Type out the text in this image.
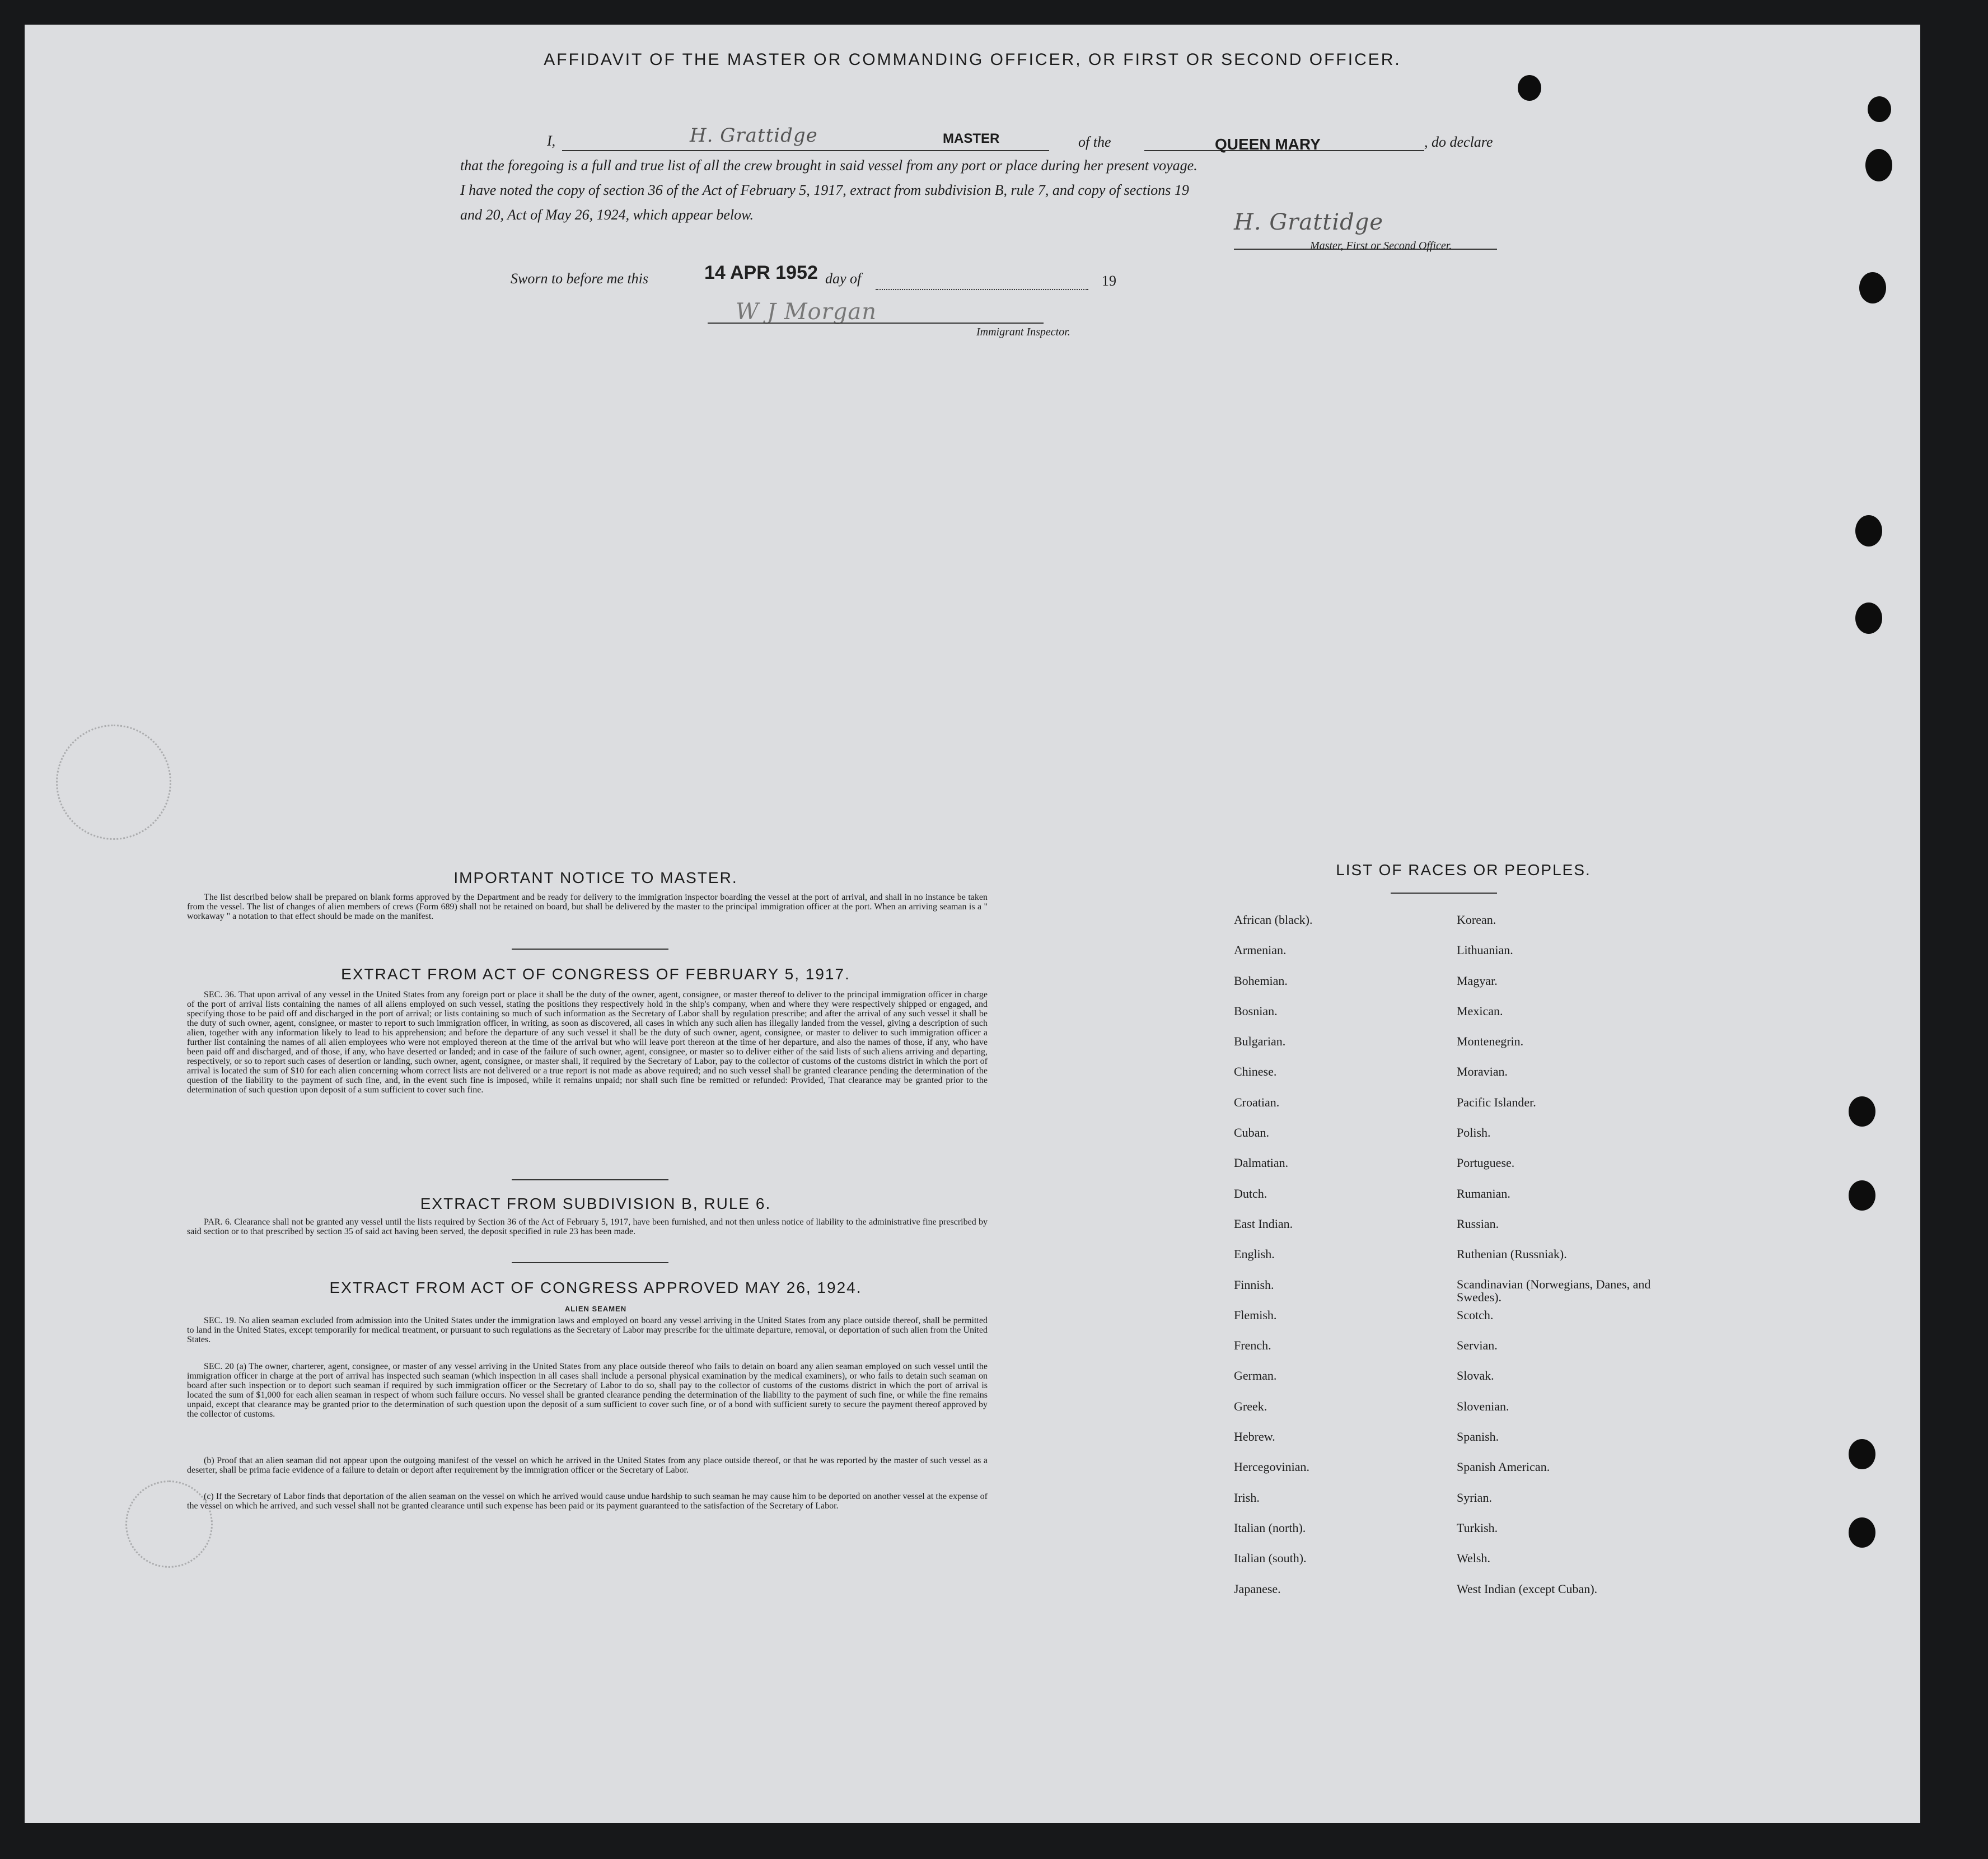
AFFIDAVIT OF THE MASTER OR COMMANDING OFFICER, OR FIRST OR SECOND OFFICER.
I,	H. Grattidge	MASTER	of the	QUEEN MARY	, do declare
that the foregoing is a full and true list of all the crew brought in said vessel from any port or place during her present voyage.
I have noted the copy of section 36 of the Act of February 5, 1917, extract from subdivision B, rule 7, and copy of sections 19
and 20, Act of May 26, 1924, which appear below.	H. Grattidge
Master, First or Second Officer.
Sworn to before me this	14 APR 1952 day of	19
W J Morgan
Immigrant Inspector.
IMPORTANT NOTICE TO MASTER.
The list described below shall be prepared on blank forms approved by the Department and be ready for delivery to the immigration inspector boarding the vessel at the port of arrival, and shall in no instance be taken from the vessel. The list of changes of alien members of crews (Form 689) shall not be retained on board, but shall be delivered by the master to the principal immigration officer at the port. When an arriving seaman is a " workaway " a notation to that effect should be made on the manifest.
EXTRACT FROM ACT OF CONGRESS OF FEBRUARY 5, 1917.
SEC. 36. That upon arrival of any vessel in the United States from any foreign port or place it shall be the duty of the owner, agent, consignee, or master thereof to deliver to the principal immigration officer in charge of the port of arrival lists containing the names of all aliens employed on such vessel, stating the positions they respectively hold in the ship's company, when and where they were respectively shipped or engaged, and specifying those to be paid off and discharged in the port of arrival; or lists containing so much of such information as the Secretary of Labor shall by regulation prescribe; and after the arrival of any such vessel it shall be the duty of such owner, agent, consignee, or master to report to such immigration officer, in writing, as soon as discovered, all cases in which any such alien has illegally landed from the vessel, giving a description of such alien, together with any information likely to lead to his apprehension; and before the departure of any such vessel it shall be the duty of such owner, agent, consignee, or master to deliver to such immigration officer a further list containing the names of all alien employees who were not employed thereon at the time of the arrival but who will leave port thereon at the time of her departure, and also the names of those, if any, who have been paid off and discharged, and of those, if any, who have deserted or landed; and in case of the failure of such owner, agent, consignee, or master so to deliver either of the said lists of such aliens arriving and departing, respectively, or so to report such cases of desertion or landing, such owner, agent, consignee, or master shall, if required by the Secretary of Labor, pay to the collector of customs of the customs district in which the port of arrival is located the sum of $10 for each alien concerning whom correct lists are not delivered or a true report is not made as above required; and no such vessel shall be granted clearance pending the determination of the question of the liability to the payment of such fine, and, in the event such fine is imposed, while it remains unpaid; nor shall such fine be remitted or refunded: Provided, That clearance may be granted prior to the determination of such question upon deposit of a sum sufficient to cover such fine.
EXTRACT FROM SUBDIVISION B, RULE 6.
PAR. 6. Clearance shall not be granted any vessel until the lists required by Section 36 of the Act of February 5, 1917, have been furnished, and not then unless notice of liability to the administrative fine prescribed by said section or to that prescribed by section 35 of said act having been served, the deposit specified in rule 23 has been made.
EXTRACT FROM ACT OF CONGRESS APPROVED MAY 26, 1924.
ALIEN SEAMEN
SEC. 19. No alien seaman excluded from admission into the United States under the immigration laws and employed on board any vessel arriving in the United States from any place outside thereof, shall be permitted to land in the United States, except temporarily for medical treatment, or pursuant to such regulations as the Secretary of Labor may prescribe for the ultimate departure, removal, or deportation of such alien from the United States.
SEC. 20 (a) The owner, charterer, agent, consignee, or master of any vessel arriving in the United States from any place outside thereof who fails to detain on board any alien seaman employed on such vessel until the immigration officer in charge at the port of arrival has inspected such seaman (which inspection in all cases shall include a personal physical examination by the medical examiners), or who fails to detain such seaman on board after such inspection or to deport such seaman if required by such immigration officer or the Secretary of Labor to do so, shall pay to the collector of customs of the customs district in which the port of arrival is located the sum of $1,000 for each alien seaman in respect of whom such failure occurs. No vessel shall be granted clearance pending the determination of the liability to the payment of such fine, or while the fine remains unpaid, except that clearance may be granted prior to the determination of such question upon the deposit of a sum sufficient to cover such fine, or of a bond with sufficient surety to secure the payment thereof approved by the collector of customs.
(b) Proof that an alien seaman did not appear upon the outgoing manifest of the vessel on which he arrived in the United States from any place outside thereof, or that he was reported by the master of such vessel as a deserter, shall be prima facie evidence of a failure to detain or deport after requirement by the immigration officer or the Secretary of Labor.
(c) If the Secretary of Labor finds that deportation of the alien seaman on the vessel on which he arrived would cause undue hardship to such seaman he may cause him to be deported on another vessel at the expense of the vessel on which he arrived, and such vessel shall not be granted clearance until such expense has been paid or its payment guaranteed to the satisfaction of the Secretary of Labor.
LIST OF RACES OR PEOPLES.
African (black).
Armenian.
Bohemian.
Bosnian.
Bulgarian.
Chinese.
Croatian.
Cuban.
Dalmatian.
Dutch.
East Indian.
English.
Finnish.
Flemish.
French.
German.
Greek.
Hebrew.
Hercegovinian.
Irish.
Italian (north).
Italian (south).
Japanese.
Korean.
Lithuanian.
Magyar.
Mexican.
Montenegrin.
Moravian.
Pacific Islander.
Polish.
Portuguese.
Rumanian.
Russian.
Ruthenian (Russniak).
Scandinavian (Norwegians, Danes, and Swedes).
Scotch.
Servian.
Slovak.
Slovenian.
Spanish.
Spanish American.
Syrian.
Turkish.
Welsh.
West Indian (except Cuban).
